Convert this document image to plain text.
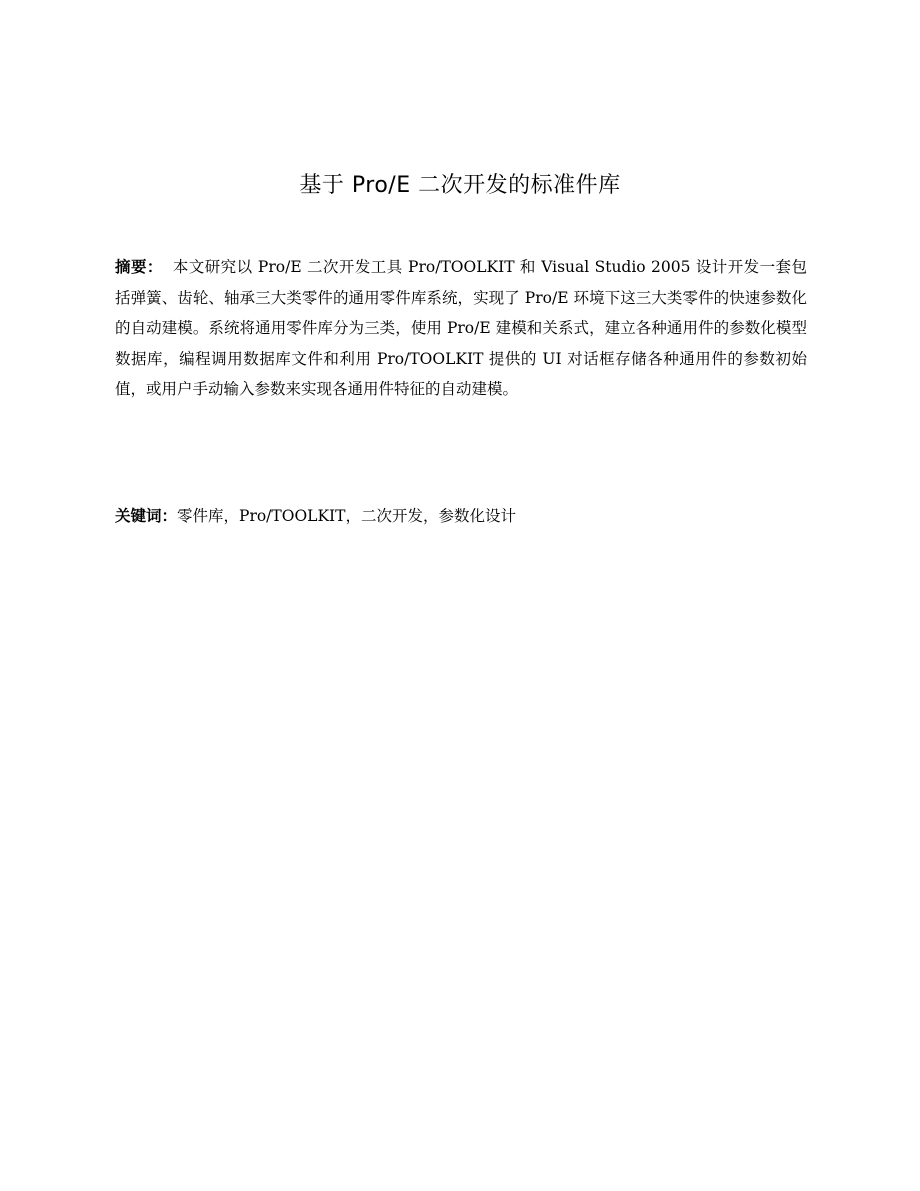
基于 Pro/E 二次开发的标准件库
摘要： 本文研究以 Pro/E 二次开发工具 Pro/TOOLKIT 和 Visual Studio 2005 设计开发一套包括弹簧、齿轮、轴承三大类零件的通用零件库系统，实现了 Pro/E 环境下这三大类零件的快速参数化的自动建模。系统将通用零件库分为三类，使用 Pro/E 建模和关系式，建立各种通用件的参数化模型数据库，编程调用数据库文件和利用 Pro/TOOLKIT 提供的 UI 对话框存储各种通用件的参数初始值，或用户手动输入参数来实现各通用件特征的自动建模。
关键词：零件库，Pro/TOOLKIT，二次开发，参数化设计
